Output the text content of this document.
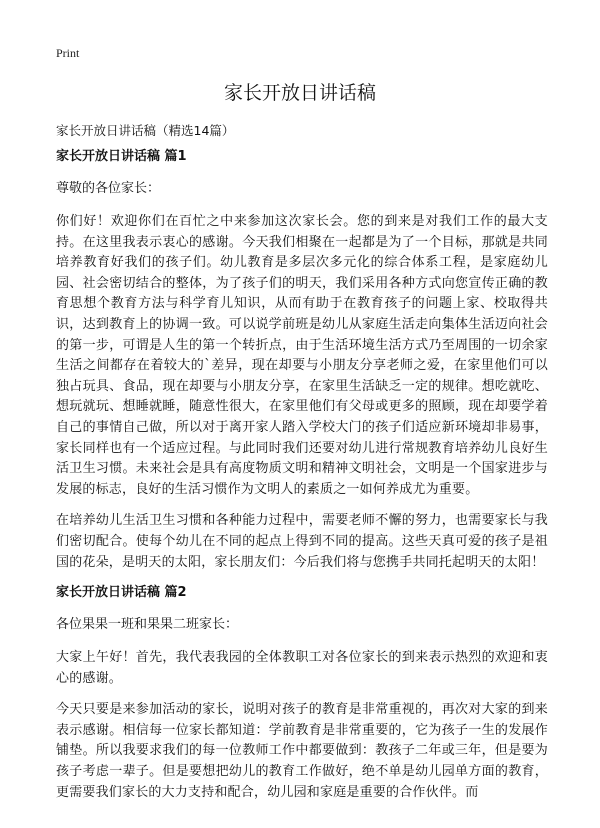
Print
家长开放日讲话稿
家长开放日讲话稿（精选14篇）
家长开放日讲话稿 篇1
尊敬的各位家长：

你们好！欢迎你们在百忙之中来参加这次家长会。您的到来是对我们工作的最大支持。在这里我表示衷心的感谢。今天我们相聚在一起都是为了一个目标，那就是共同培养教育好我们的孩子们。幼儿教育是多层次多元化的综合体系工程，是家庭幼儿园、社会密切结合的整体，为了孩子们的明天，我们采用各种方式向您宣传正确的教育思想个教育方法与科学育儿知识，从而有助于在教育孩子的问题上家、校取得共识，达到教育上的协调一致。可以说学前班是幼儿从家庭生活走向集体生活迈向社会的第一步，可谓是人生的第一个转折点，由于生活环境生活方式乃至周围的一切余家生活之间都存在着较大的`差异，现在却要与小朋友分享老师之爱，在家里他们可以独占玩具、食品，现在却要与小朋友分享，在家里生活缺乏一定的规律。想吃就吃、想玩就玩、想睡就睡，随意性很大，在家里他们有父母或更多的照顾，现在却要学着自己的事情自己做，所以对于离开家人踏入学校大门的孩子们适应新环境却非易事，家长同样也有一个适应过程。与此同时我们还要对幼儿进行常规教育培养幼儿良好生活卫生习惯。未来社会是具有高度物质文明和精神文明社会，文明是一个国家进步与发展的标志，良好的生活习惯作为文明人的素质之一如何养成尤为重要。

在培养幼儿生活卫生习惯和各种能力过程中，需要老师不懈的努力，也需要家长与我们密切配合。使每个幼儿在不同的起点上得到不同的提高。这些天真可爱的孩子是祖国的花朵，是明天的太阳，家长朋友们：今后我们将与您携手共同托起明天的太阳！

家长开放日讲话稿 篇2
各位果果一班和果果二班家长：

大家上午好！首先，我代表我园的全体教职工对各位家长的到来表示热烈的欢迎和衷心的感谢。

今天只要是来参加活动的家长，说明对孩子的教育是非常重视的，再次对大家的到来表示感谢。相信每一位家长都知道：学前教育是非常重要的，它为孩子一生的发展作铺垫。所以我要求我们的每一位教师工作中都要做到：教孩子二年或三年，但是要为孩子考虑一辈子。但是要想把幼儿的教育工作做好，绝不单是幼儿园单方面的教育，更需要我们家长的大力支持和配合，幼儿园和家庭是重要的合作伙伴。而
